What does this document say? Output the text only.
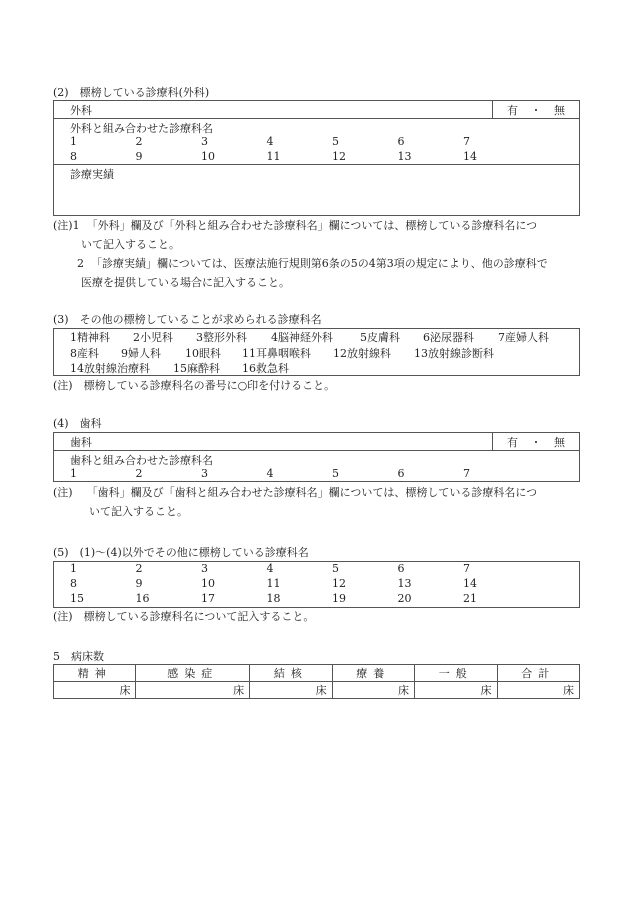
(2)　標榜している診療科(外科)
外科	有 ・ 無
外科と組み合わせた診療科名
1	2	3	4	5	6	7
8	9	10	11	12	13	14
診療実績
(注)1 「外科」欄及び「外科と組み合わせた診療科名」欄については、標榜している診療科名につ
いて記入すること。
2 「診療実績」欄については、医療法施行規則第6条の5の4第3項の規定により、他の診療科で
医療を提供している場合に記入すること。
(3)　その他の標榜していることが求められる診療科名
1精神科 2小児科 3整形外科 4脳神経外科 5皮膚科 6泌尿器科 7産婦人科
8産科 9婦人科 10眼科 11耳鼻咽喉科 12放射線科 13放射線診断科
14放射線治療科 15麻酔科 16救急科
(注)　標榜している診療科名の番号に○印を付けること。
(4)　歯科
歯科	有 ・ 無
歯科と組み合わせた診療科名
1	2	3	4	5	6	7
(注) 「歯科」欄及び「歯科と組み合わせた診療科名」欄については、標榜している診療科名につ
いて記入すること。
(5)　(1)～(4)以外でその他に標榜している診療科名
1	2	3	4	5	6	7
8	9	10	11	12	13	14
15	16	17	18	19	20	21
(注)　標榜している診療科名について記入すること。
5　病床数
精神	感染症	結核	療養	一般	合計
床	床	床	床	床	床
